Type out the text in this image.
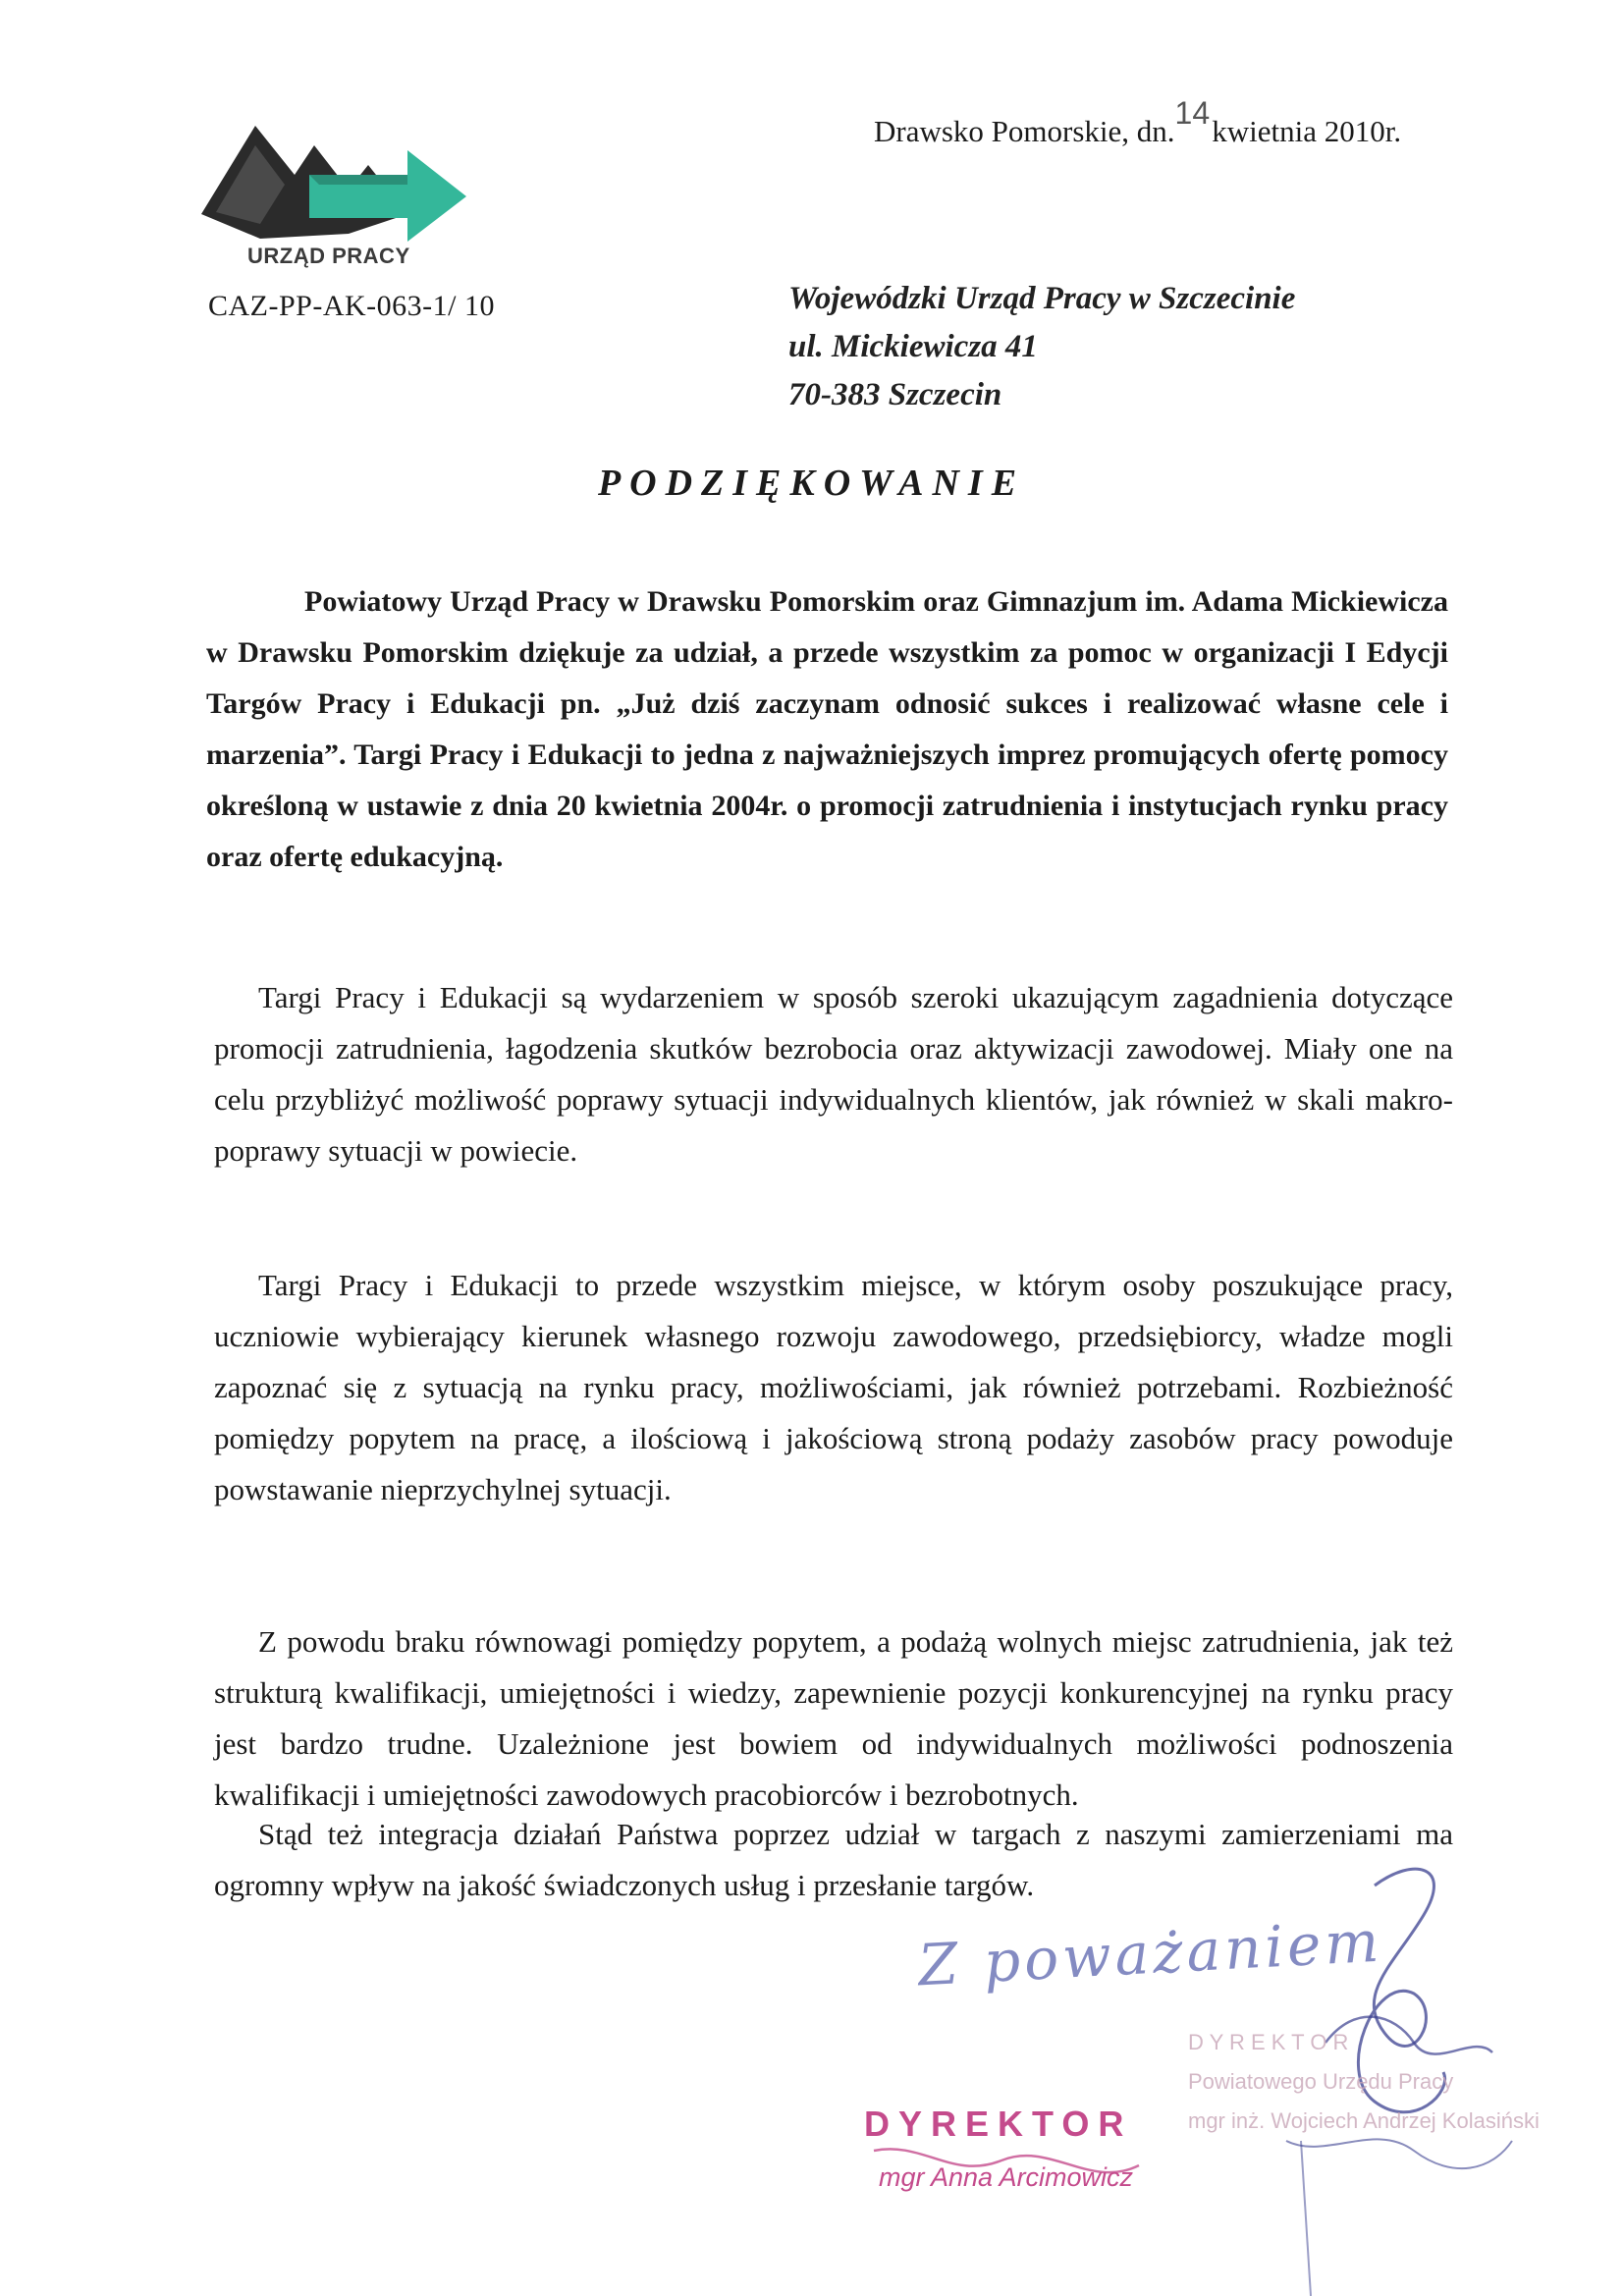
URZĄD PRACY
CAZ-PP-AK-063-1/ 10
Drawsko Pomorskie, dn.14 kwietnia 2010r.
Wojewódzki Urząd Pracy w Szczecinie
ul. Mickiewicza 41
70-383 Szczecin
PODZIĘKOWANIE
Powiatowy Urząd Pracy w Drawsku Pomorskim oraz Gimnazjum im. Adama Mickiewicza w Drawsku Pomorskim dziękuje za udział, a przede wszystkim za pomoc w organizacji I Edycji Targów Pracy i Edukacji pn. „Już dziś zaczynam odnosić sukces i realizować własne cele i marzenia”. Targi Pracy i Edukacji to jedna z najważniejszych imprez promujących ofertę pomocy określoną w ustawie z dnia 20 kwietnia 2004r. o promocji zatrudnienia i instytucjach rynku pracy oraz ofertę edukacyjną.
Targi Pracy i Edukacji są wydarzeniem w sposób szeroki ukazującym zagadnienia dotyczące promocji zatrudnienia, łagodzenia skutków bezrobocia oraz aktywizacji zawodowej. Miały one na celu przybliżyć możliwość poprawy sytuacji indywidualnych klientów, jak również w skali makro- poprawy sytuacji w powiecie.
Targi Pracy i Edukacji to przede wszystkim miejsce, w którym osoby poszukujące pracy, uczniowie wybierający kierunek własnego rozwoju zawodowego, przedsiębiorcy, władze mogli zapoznać się z sytuacją na rynku pracy, możliwościami, jak również potrzebami. Rozbieżność pomiędzy popytem na pracę, a ilościową i jakościową stroną podaży zasobów pracy powoduje powstawanie nieprzychylnej sytuacji.
Z powodu braku równowagi pomiędzy popytem, a podażą wolnych miejsc zatrudnienia, jak też strukturą kwalifikacji, umiejętności i wiedzy, zapewnienie pozycji konkurencyjnej na rynku pracy jest bardzo trudne. Uzależnione jest bowiem od indywidualnych możliwości podnoszenia kwalifikacji i umiejętności zawodowych pracobiorców i bezrobotnych.
Stąd też integracja działań Państwa poprzez udział w targach z naszymi zamierzeniami ma ogromny wpływ na jakość świadczonych usług i przesłanie targów.
Z poważaniem
D Y R E K T O R
Powiatowego Urzędu Pracy
mgr inż. Wojciech Andrzej Kolasiński
DYREKTOR
mgr Anna Arcimowicz
